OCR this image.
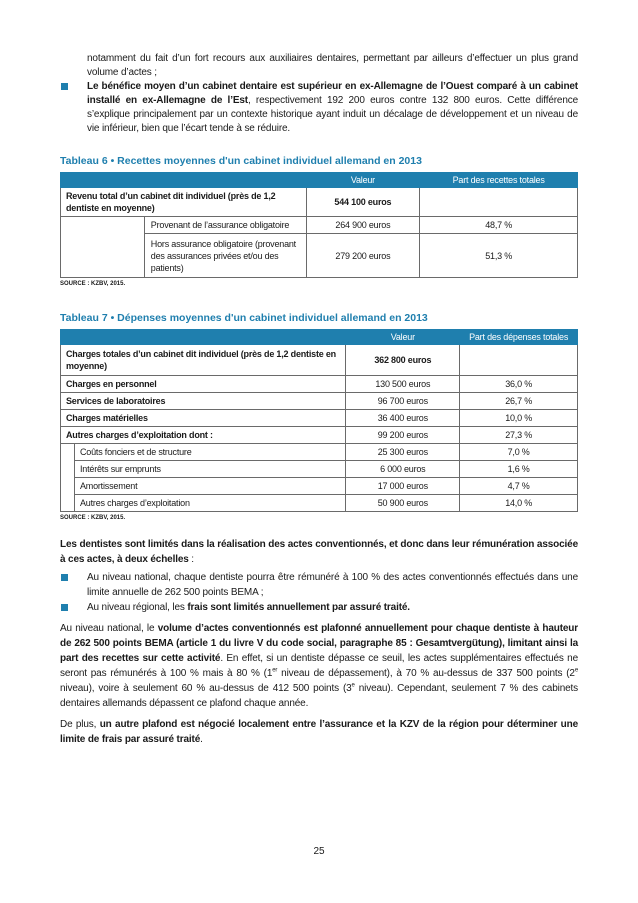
notamment du fait d’un fort recours aux auxiliaires dentaires, permettant par ailleurs d’effectuer un plus grand volume d’actes ;

Le bénéfice moyen d’un cabinet dentaire est supérieur en ex-Allemagne de l’Ouest comparé à un cabinet installé en ex-Allemagne de l’Est, respectivement 192 200 euros contre 132 800 euros. Cette différence s’explique principalement par un contexte historique ayant induit un décalage de développement et un niveau de vie inférieur, bien que l’écart tende à se réduire.

Tableau 6 • Recettes moyennes d'un cabinet individuel allemand en 2013
		Valeur	Part des recettes totales
Revenu total d’un cabinet dit individuel (près de 1,2 dentiste en moyenne)		544 100 euros	
	Provenant de l’assurance obligatoire	264 900 euros	48,7 %
	Hors assurance obligatoire (provenant des assurances privées et/ou des patients)	279 200 euros	51,3 %
SOURCE : KZBV, 2015.
Tableau 7 • Dépenses moyennes d'un cabinet individuel allemand en 2013
		Valeur	Part des dépenses totales
Charges totales d’un cabinet dit individuel (près de 1,2 dentiste en moyenne)		362 800 euros	
Charges en personnel		130 500 euros	36,0 %
Services de laboratoires		96 700 euros	26,7 %
Charges matérielles		36 400 euros	10,0 %
Autres charges d’exploitation dont :		99 200 euros	27,3 %
	Coûts fonciers et de structure	25 300 euros	7,0 %
	Intérêts sur emprunts	6 000 euros	1,6 %
	Amortissement	17 000 euros	4,7 %
	Autres charges d’exploitation	50 900 euros	14,0 %
SOURCE : KZBV, 2015.

Les dentistes sont limités dans la réalisation des actes conventionnés, et donc dans leur rémunération associée à ces actes, à deux échelles :

Au niveau national, chaque dentiste pourra être rémunéré à 100 % des actes conventionnés effectués dans une limite annuelle de 262 500 points BEMA ;

Au niveau régional, les frais sont limités annuellement par assuré traité.

Au niveau national, le volume d’actes conventionnés est plafonné annuellement pour chaque dentiste à hauteur de 262 500 points BEMA (article 1 du livre V du code social, paragraphe 85 : Gesamtvergütung), limitant ainsi la part des recettes sur cette activité. En effet, si un dentiste dépasse ce seuil, les actes supplémentaires effectués ne seront pas rémunérés à 100 % mais à 80 % (1er niveau de dépassement), à 70 % au-dessus de 337 500 points (2e niveau), voire à seulement 60 % au-dessus de 412 500 points (3e niveau). Cependant, seulement 7 % des cabinets dentaires allemands dépassent ce plafond chaque année.

De plus, un autre plafond est négocié localement entre l’assurance et la KZV de la région pour déterminer une limite de frais par assuré traité.

25
